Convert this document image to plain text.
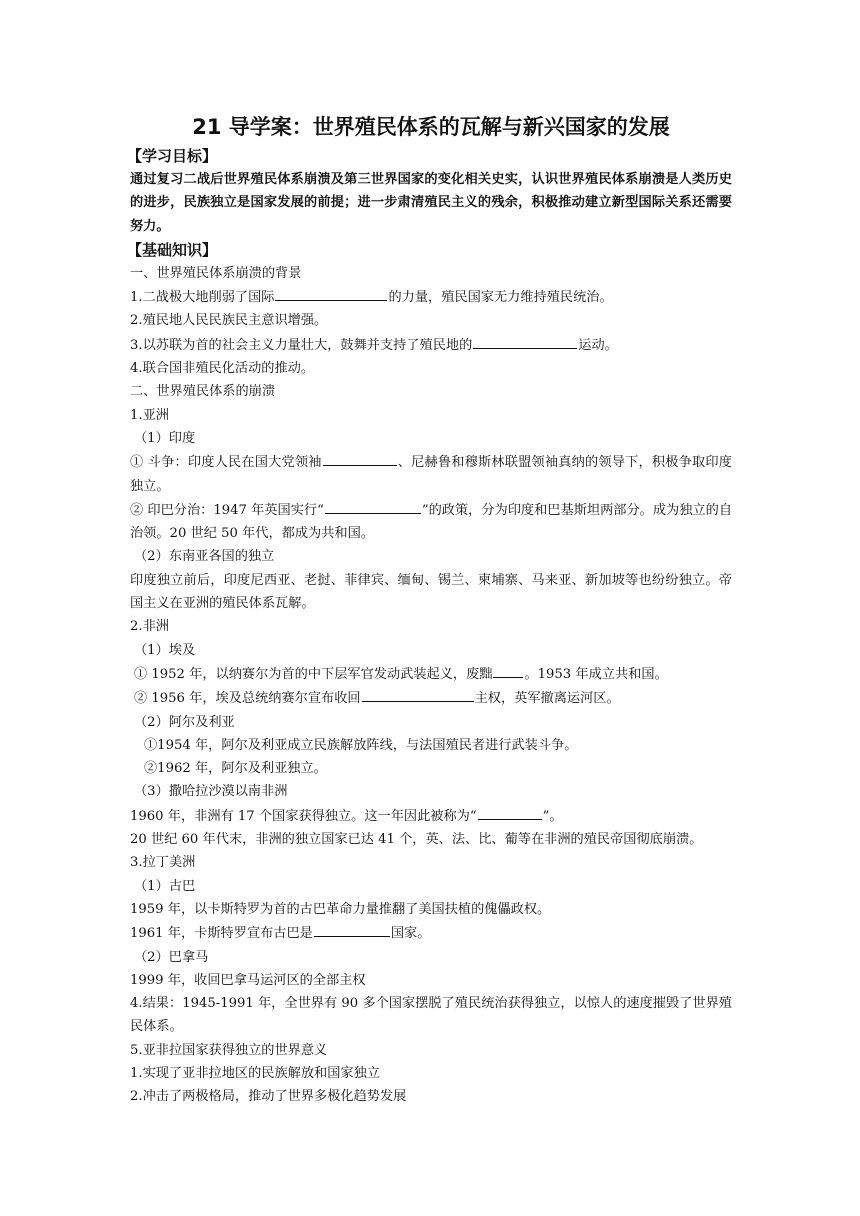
21 导学案：世界殖民体系的瓦解与新兴国家的发展
【学习目标】
通过复习二战后世界殖民体系崩溃及第三世界国家的变化相关史实，认识世界殖民体系崩溃是人类历史的进步，民族独立是国家发展的前提；进一步肃清殖民主义的残余，积极推动建立新型国际关系还需要努力。
【基础知识】
一、世界殖民体系崩溃的背景
1.二战极大地削弱了国际	的力量，殖民国家无力维持殖民统治。
2.殖民地人民民族民主意识增强。
3.以苏联为首的社会主义力量壮大，鼓舞并支持了殖民地的	运动。
4.联合国非殖民化活动的推动。
二、世界殖民体系的崩溃
1.亚洲
（1）印度
① 斗争：印度人民在国大党领袖	、尼赫鲁和穆斯林联盟领袖真纳的领导下，积极争取印度独立。
② 印巴分治：1947 年英国实行“	”的政策，分为印度和巴基斯坦两部分。成为独立的自治领。20 世纪 50 年代，都成为共和国。
（2）东南亚各国的独立
印度独立前后，印度尼西亚、老挝、菲律宾、缅甸、锡兰、柬埔寨、马来亚、新加坡等也纷纷独立。帝国主义在亚洲的殖民体系瓦解。
2.非洲
（1）埃及
① 1952 年，以纳赛尔为首的中下层军官发动武装起义，废黜 。1953 年成立共和国。
② 1956 年，埃及总统纳赛尔宣布收回	主权，英军撤离运河区。
（2）阿尔及利亚
①1954 年，阿尔及利亚成立民族解放阵线，与法国殖民者进行武装斗争。
②1962 年，阿尔及利亚独立。
（3）撒哈拉沙漠以南非洲
1960 年，非洲有 17 个国家获得独立。这一年因此被称为“	”。
20 世纪 60 年代末，非洲的独立国家已达 41 个，英、法、比、葡等在非洲的殖民帝国彻底崩溃。
3.拉丁美洲
（1）古巴
1959 年，以卡斯特罗为首的古巴革命力量推翻了美国扶植的傀儡政权。
1961 年，卡斯特罗宣布古巴是	国家。
（2）巴拿马
1999 年，收回巴拿马运河区的全部主权
4.结果：1945-1991 年，全世界有 90 多个国家摆脱了殖民统治获得独立，以惊人的速度摧毁了世界殖民体系。
5.亚非拉国家获得独立的世界意义
1.实现了亚非拉地区的民族解放和国家独立
2.冲击了两极格局，推动了世界多极化趋势发展
